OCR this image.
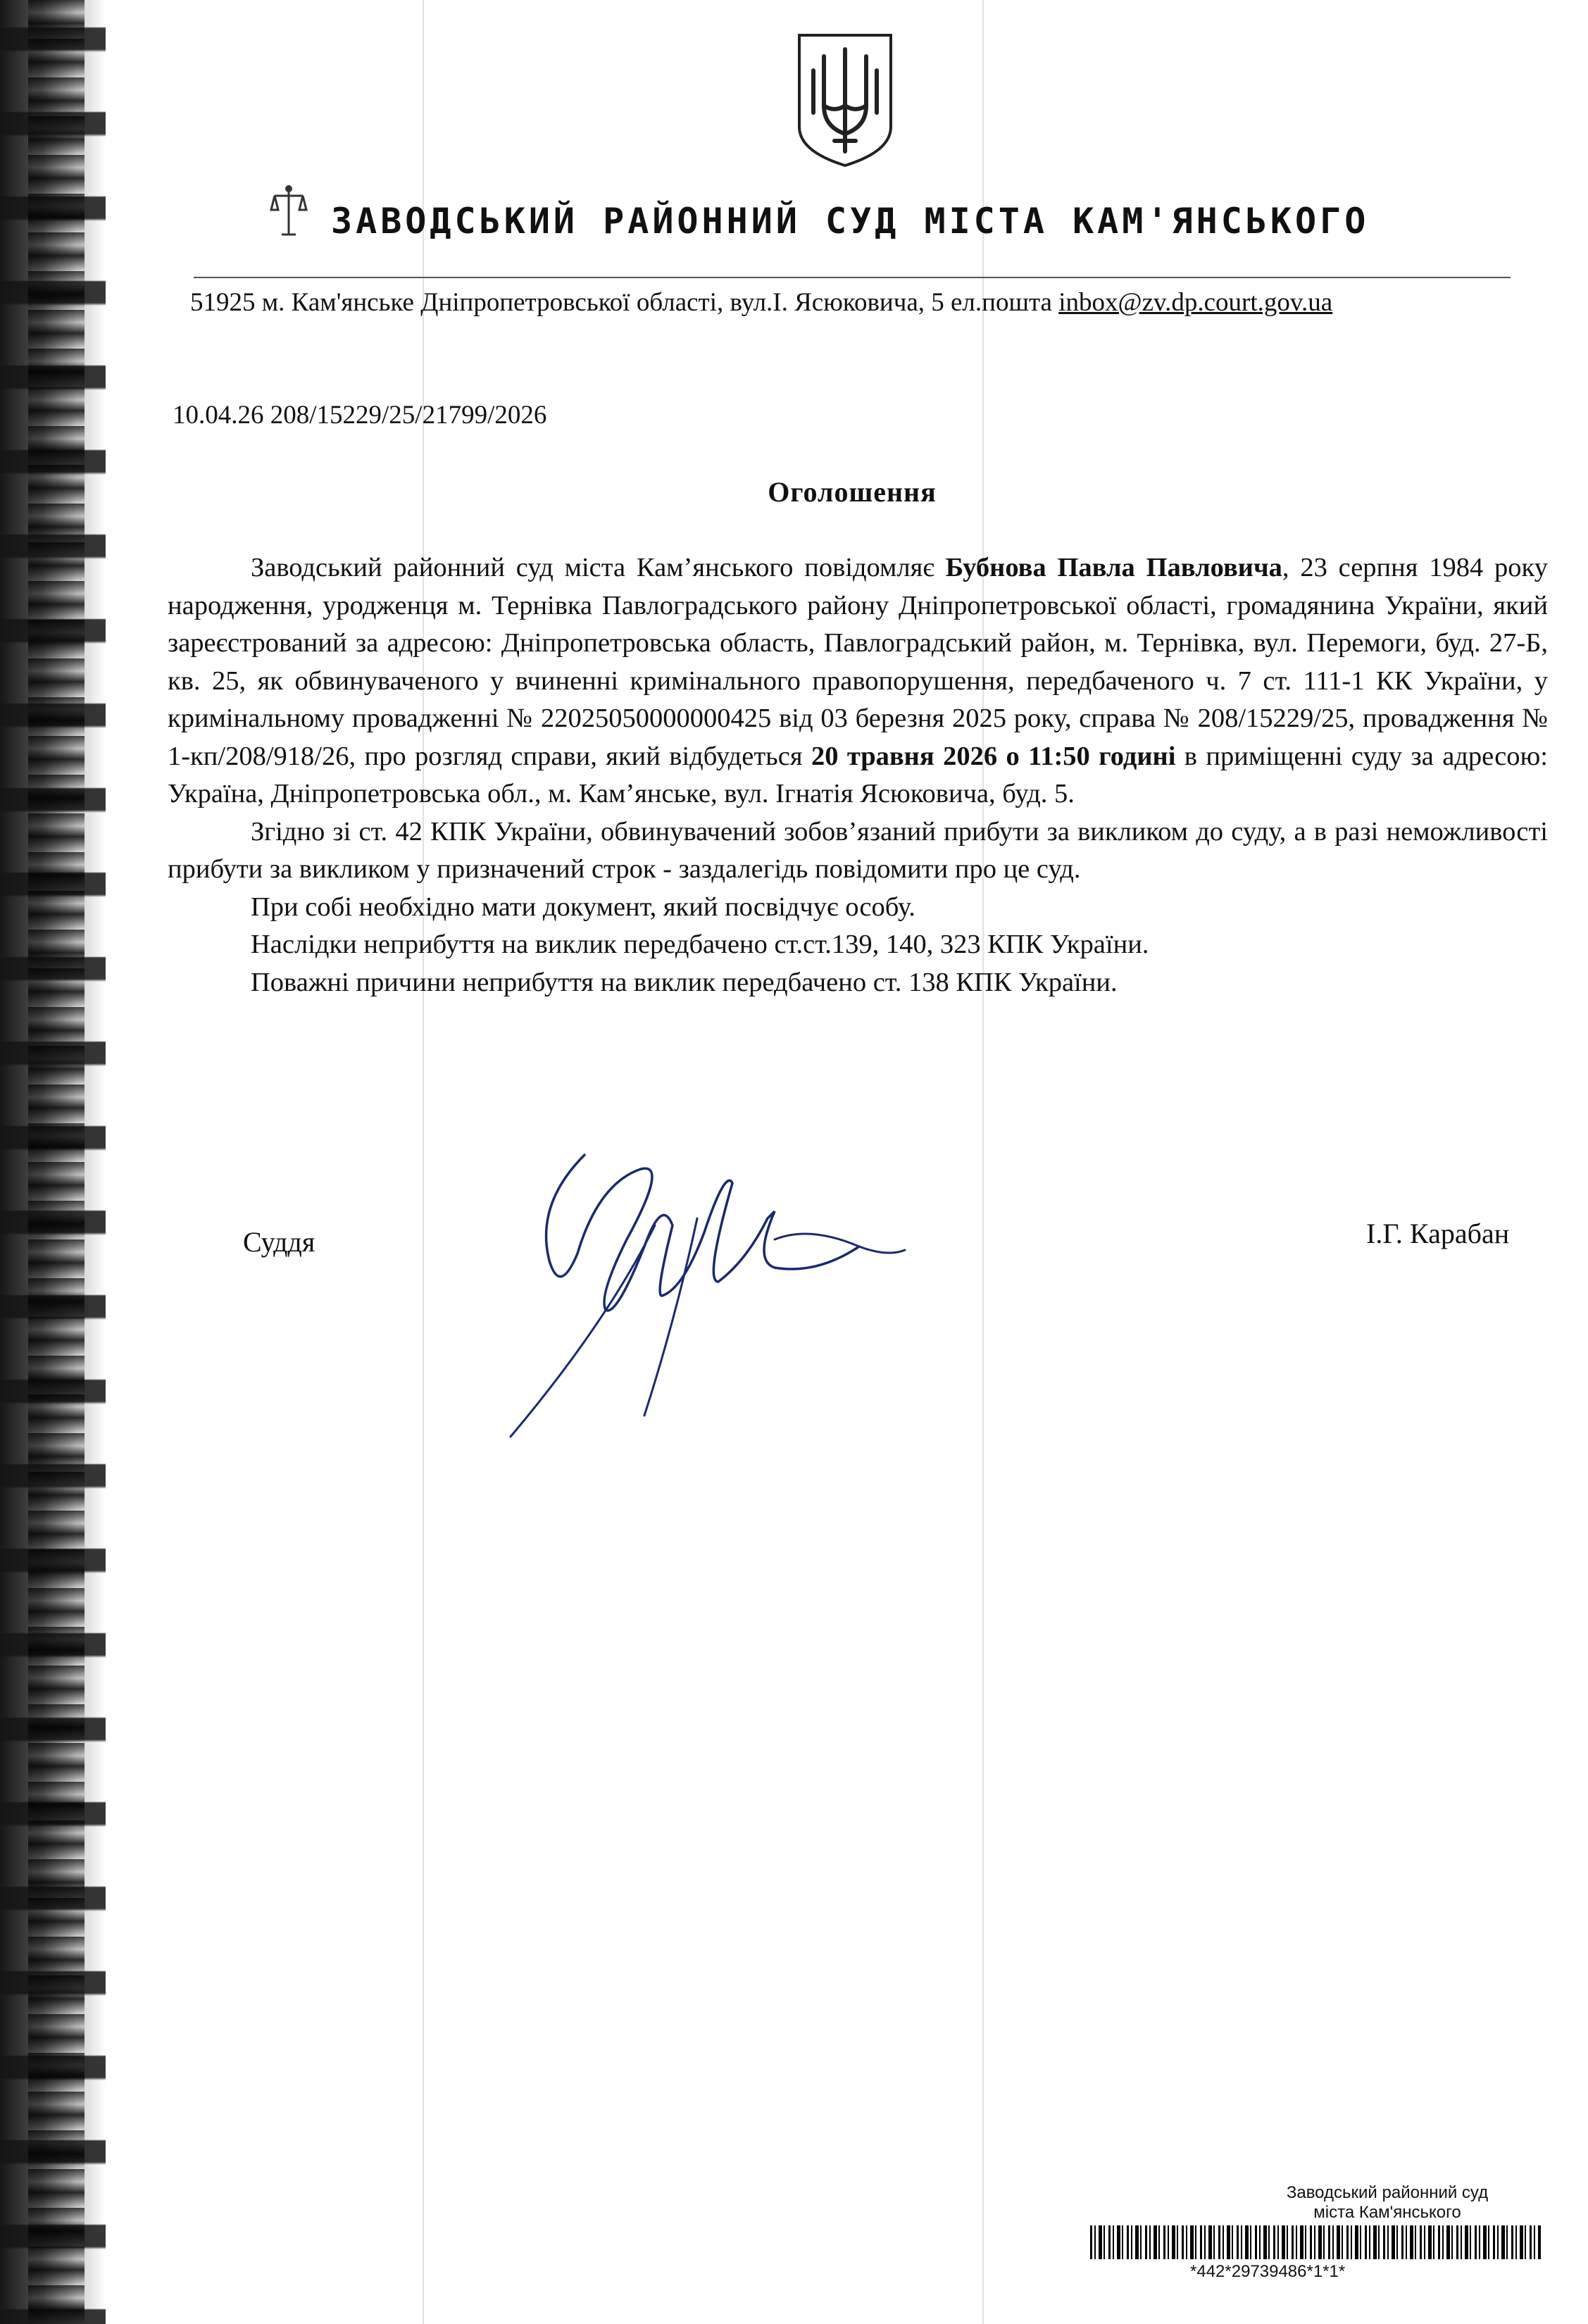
ЗАВОДСЬКИЙ РАЙОННИЙ СУД МІСТА КАМ'ЯНСЬКОГО
51925 м. Кам'янське Дніпропетровської області, вул.І. Ясюковича, 5 ел.пошта inbox@zv.dp.court.gov.ua
10.04.26 208/15229/25/21799/2026
Оголошення

Заводський районний суд міста Кам’янського повідомляє Бубнова Павла Павловича, 23 серпня 1984 року народження, уродженця м. Тернівка Павлоградського району Дніпропетровської області, громадянина України, який зареєстрований за адресою: Дніпропетровська область, Павлоградський район, м. Тернівка, вул. Перемоги, буд. 27-Б, кв. 25, як обвинуваченого у вчиненні кримінального правопорушення, передбаченого ч. 7 ст. 111-1 КК України, у кримінальному провадженні № 22025050000000425 від 03 березня 2025 року, справа № 208/15229/25, провадження № 1-кп/208/918/26, про розгляд справи, який відбудеться 20 травня 2026 о 11:50 годині в приміщенні суду за адресою: Україна, Дніпропетровська обл., м. Кам’янське, вул. Ігнатія Ясюковича, буд. 5.

Згідно зі ст. 42 КПК України, обвинувачений зобов’язаний прибути за викликом до суду, а в разі неможливості прибути за викликом у призначений строк - заздалегідь повідомити про це суд.

При собі необхідно мати документ, який посвідчує особу.

Наслідки неприбуття на виклик передбачено ст.ст.139, 140, 323 КПК України.

Поважні причини неприбуття на виклик передбачено ст. 138 КПК України.

Суддя	І.Г. Карабан
Заводський районний суд
міста Кам'янського
*442*29739486*1*1*
